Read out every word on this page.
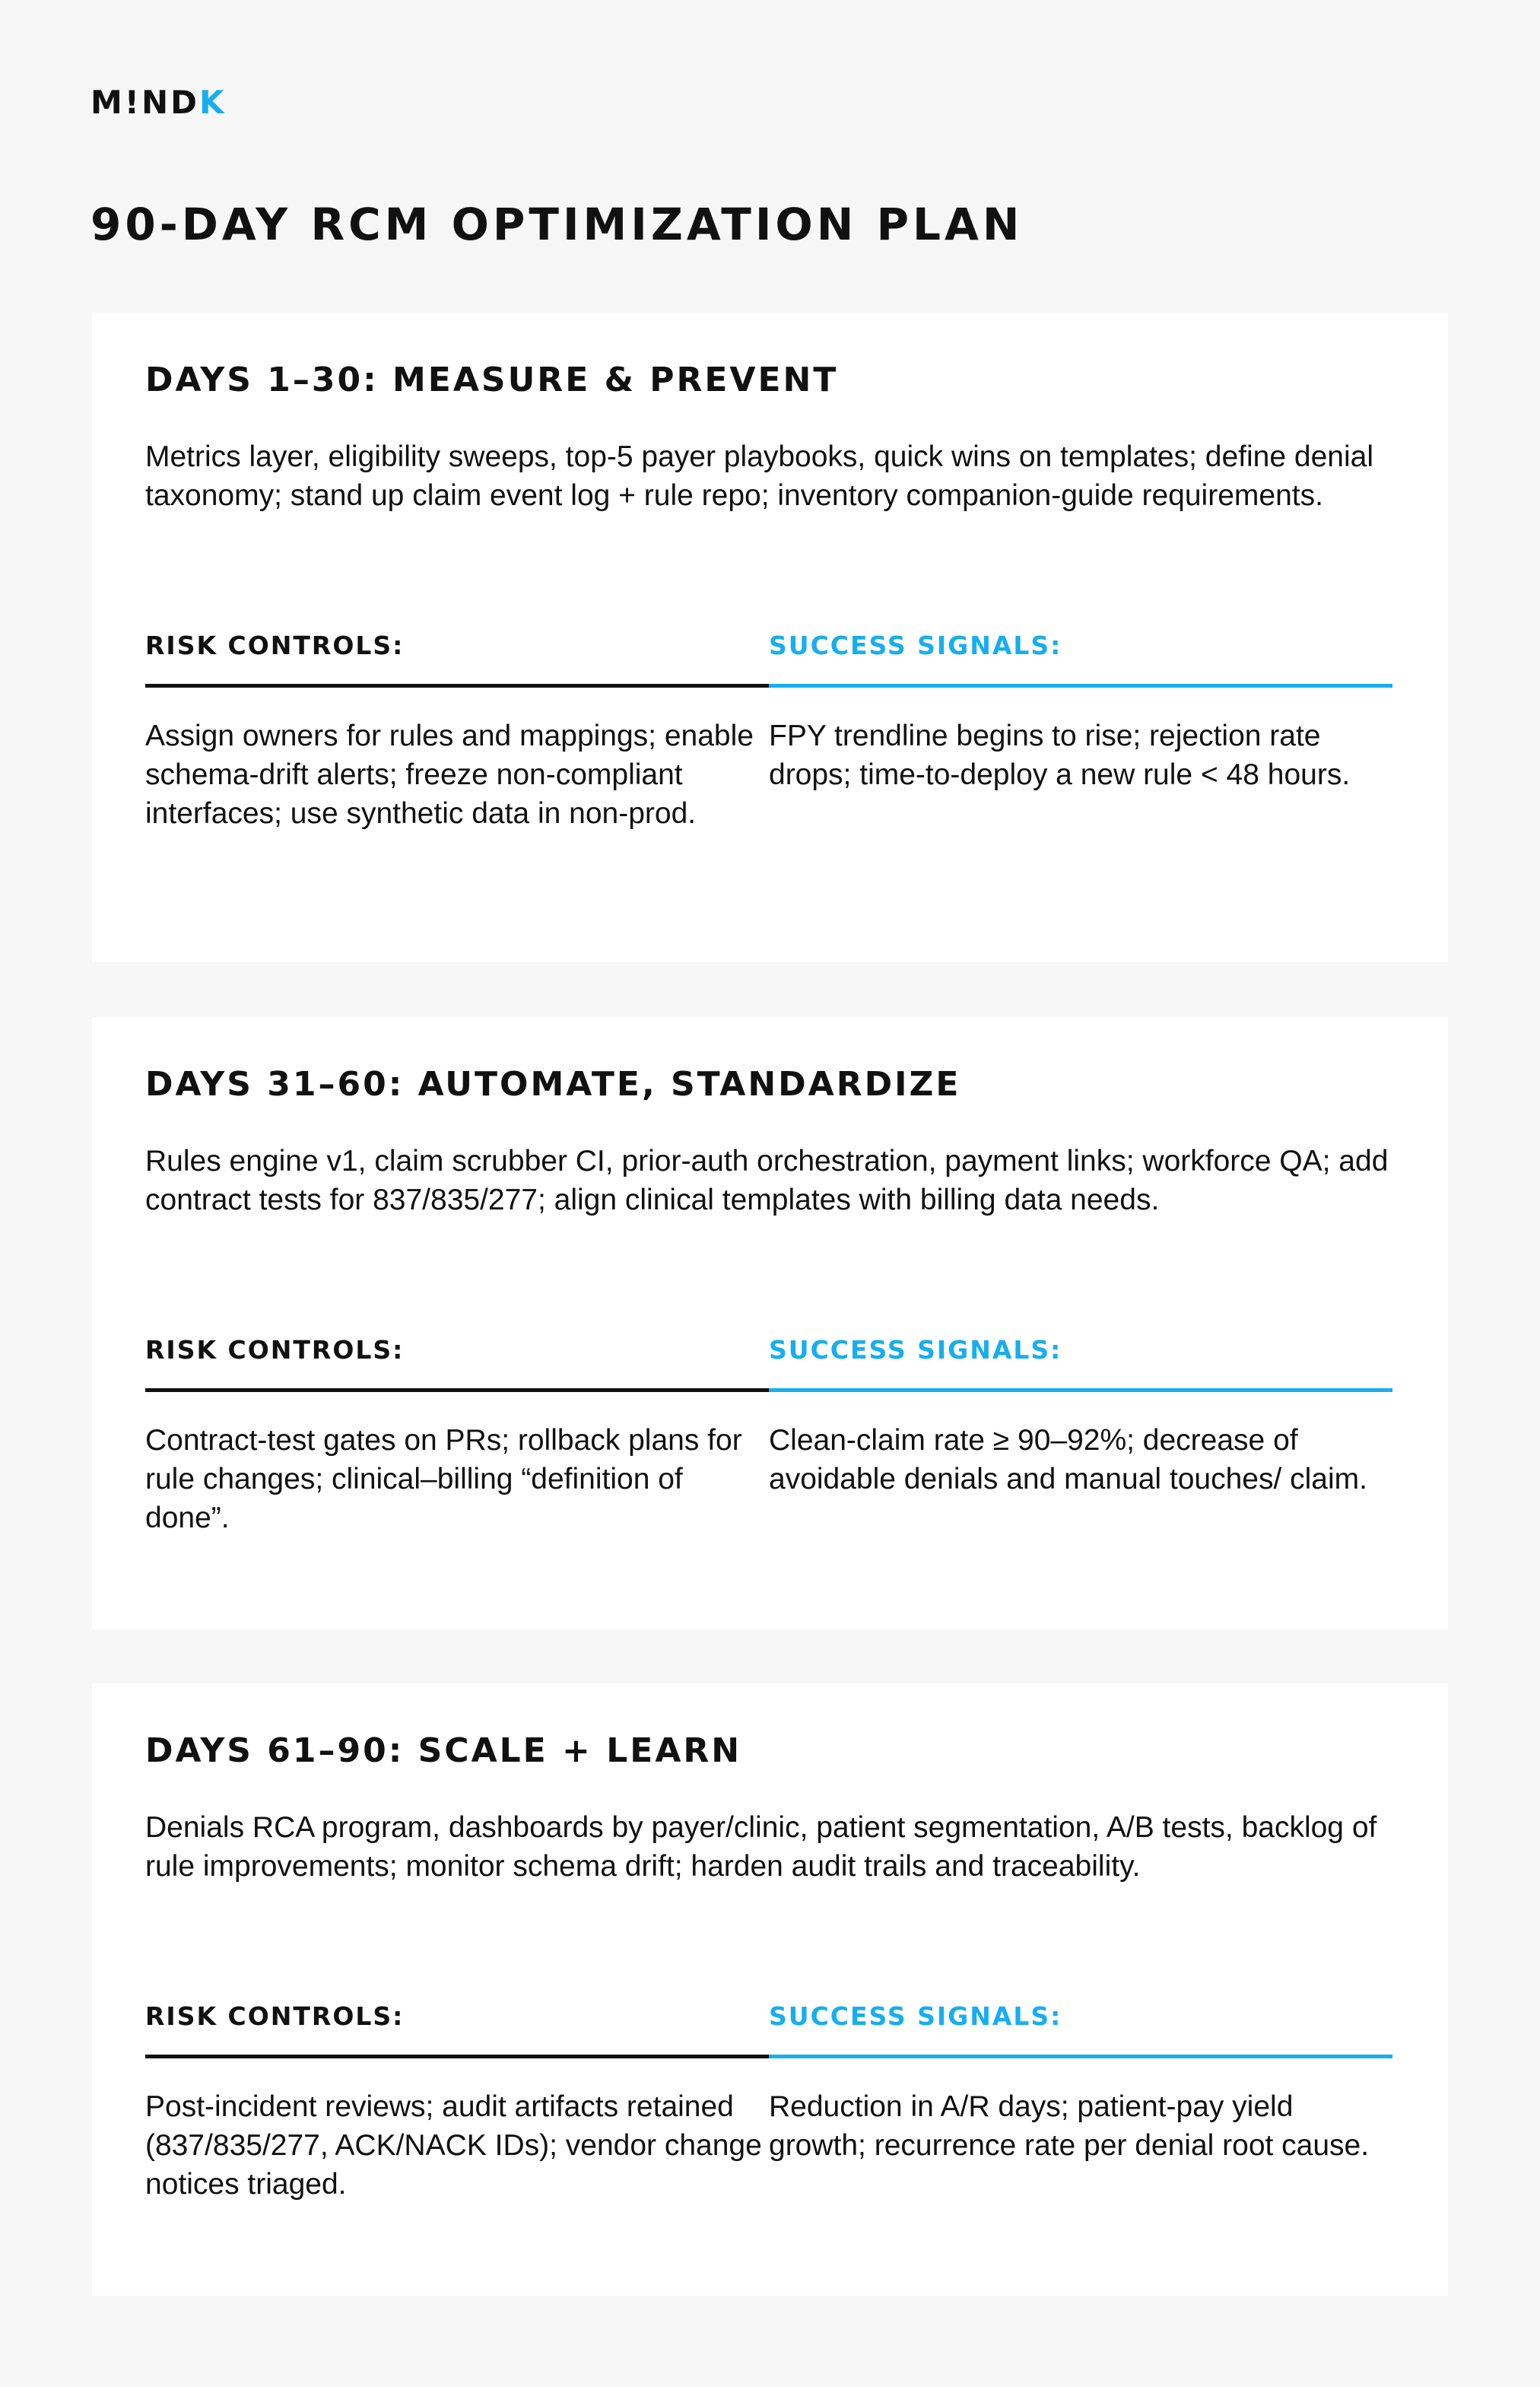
M!NDK
90-DAY RCM OPTIMIZATION PLAN
DAYS 1–30: MEASURE & PREVENT

Metrics layer, eligibility sweeps, top-5 payer playbooks, quick wins on templates; define denial taxonomy; stand up claim event log + rule repo; inventory companion-guide requirements.

RISK CONTROLS:

Assign owners for rules and mappings; enable schema-drift alerts; freeze non-compliant interfaces; use synthetic data in non-prod.

SUCCESS SIGNALS:

FPY trendline begins to rise; rejection rate drops; time-to-deploy a new rule < 48 hours.

DAYS 31–60: AUTOMATE, STANDARDIZE

Rules engine v1, claim scrubber CI, prior-auth orchestration, payment links; workforce QA; add contract tests for 837/835/277; align clinical templates with billing data needs.

RISK CONTROLS:

Contract-test gates on PRs; rollback plans for rule changes; clinical–billing “definition of done”.

SUCCESS SIGNALS:

Clean-claim rate ≥ 90–92%; decrease of avoidable denials and manual touches/ claim.

DAYS 61–90: SCALE + LEARN

Denials RCA program, dashboards by payer/clinic, patient segmentation, A/B tests, backlog of rule improvements; monitor schema drift; harden audit trails and traceability.

RISK CONTROLS:

Post-incident reviews; audit artifacts retained (837/835/277, ACK/NACK IDs); vendor change notices triaged.

SUCCESS SIGNALS:

Reduction in A/R days; patient-pay yield growth; recurrence rate per denial root cause.
